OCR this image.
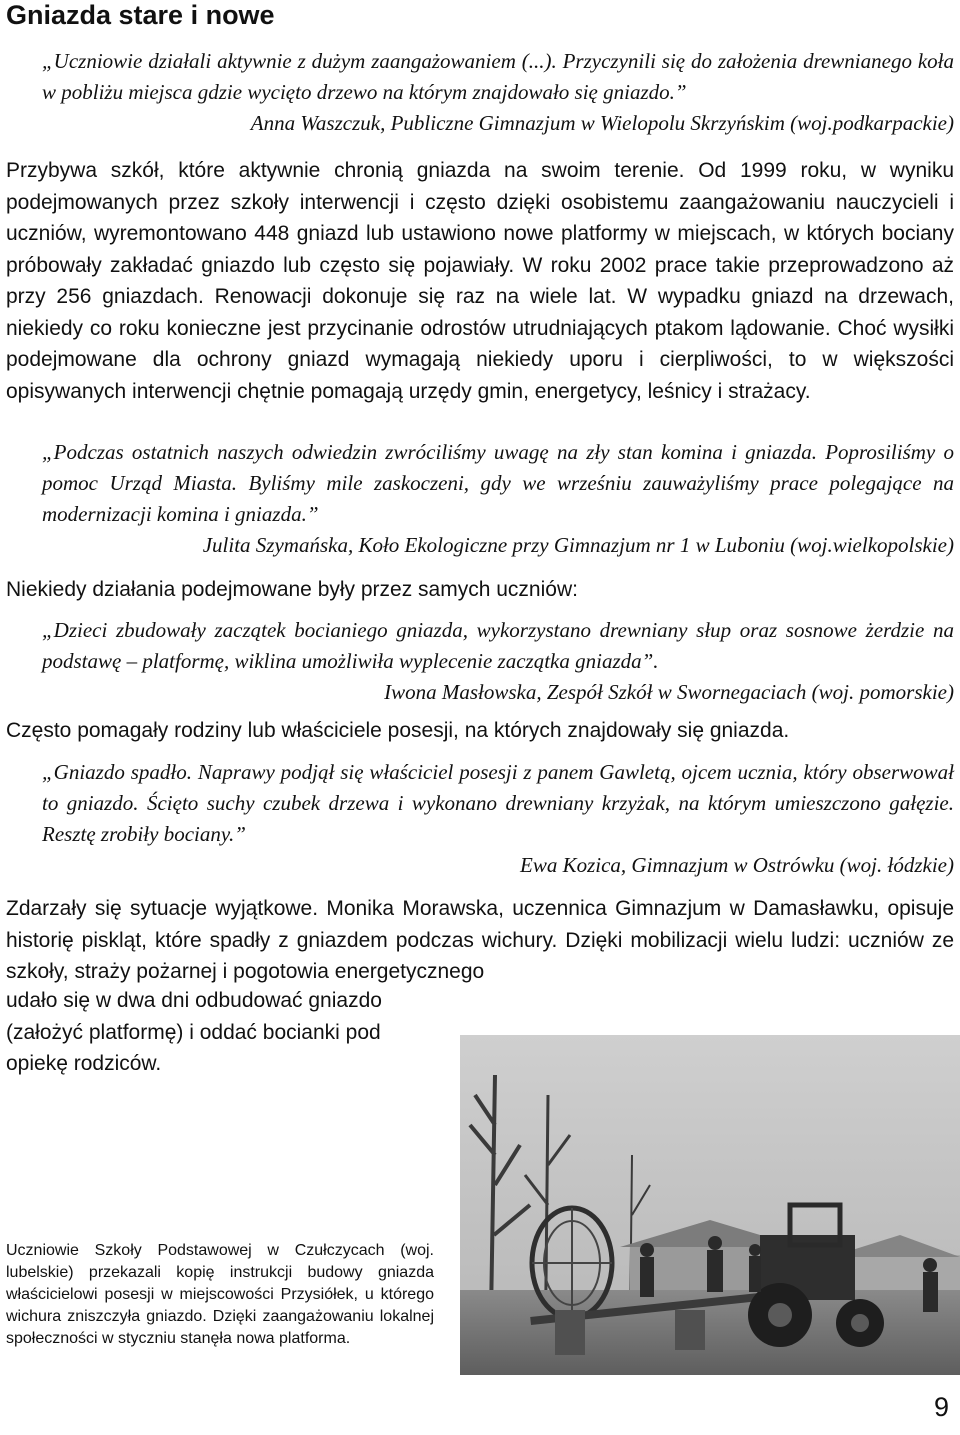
Gniazda stare i nowe

„Uczniowie działali aktywnie z dużym zaangażowaniem (...). Przyczynili się do założenia drewnianego koła w pobliżu miejsca gdzie wycięto drzewo na którym znajdowało się gniazdo.”
Anna Waszczuk, Publiczne Gimnazjum w Wielopolu Skrzyńskim (woj.podkarpackie)

Przybywa szkół, które aktywnie chronią gniazda na swoim terenie. Od 1999 roku, w wyniku podejmowanych przez szkoły interwencji i często dzięki osobistemu zaangażowaniu nauczycieli i uczniów, wyremontowano 448 gniazd lub ustawiono nowe platformy w miejscach, w których bociany próbowały zakładać gniazdo lub często się pojawiały. W roku 2002 prace takie przeprowadzono aż przy 256 gniazdach. Renowacji dokonuje się raz na wiele lat. W wypadku gniazd na drzewach, niekiedy co roku konieczne jest przycinanie odrostów utrudniających ptakom lądowanie. Choć wysiłki podejmowane dla ochrony gniazd wymagają niekiedy uporu i cierpliwości, to w większości opisywanych interwencji chętnie pomagają urzędy gmin, energetycy, leśnicy i strażacy.

„Podczas ostatnich naszych odwiedzin zwróciliśmy uwagę na zły stan komina i gniazda. Poprosiliśmy o pomoc Urząd Miasta. Byliśmy mile zaskoczeni, gdy we wrześniu zauważyliśmy prace polegające na modernizacji komina i gniazda.”
Julita Szymańska, Koło Ekologiczne przy Gimnazjum nr 1 w Luboniu (woj.wielkopolskie)

Niekiedy działania podejmowane były przez samych uczniów:

„Dzieci zbudowały zaczątek bocianiego gniazda, wykorzystano drewniany słup oraz sosnowe żerdzie na podstawę – platformę, wiklina umożliwiła wyplecenie zaczątka gniazda”.
Iwona Masłowska, Zespół Szkół w Swornegaciach (woj. pomorskie)

Często pomagały rodziny lub właściciele posesji, na których znajdowały się gniazda.

„Gniazdo spadło. Naprawy podjął się właściciel posesji z panem Gawletą, ojcem ucznia, który obserwował to gniazdo. Ścięto suchy czubek drzewa i wykonano drewniany krzyżak, na którym umieszczono gałęzie. Resztę zrobiły bociany.”
Ewa Kozica, Gimnazjum w Ostrówku (woj. łódzkie)

Zdarzały się sytuacje wyjątkowe. Monika Morawska, uczennica Gimnazjum w Damasławku, opisuje historię piskląt, które spadły z gniazdem podczas wichury. Dzięki mobilizacji wielu ludzi: uczniów ze szkoły, straży pożarnej i pogotowia energetycznego

udało się w dwa dni odbudować gniazdo (założyć platformę) i oddać bocianki pod opiekę rodziców.

Uczniowie Szkoły Podstawowej w Czułczycach (woj. lubelskie) przekazali kopię instrukcji budowy gniazda właścicielowi posesji w miejscowości Przysiółek, u którego wichura zniszczyła gniazdo. Dzięki zaangażowaniu lokalnej społeczności w styczniu stanęła nowa platforma.

9
